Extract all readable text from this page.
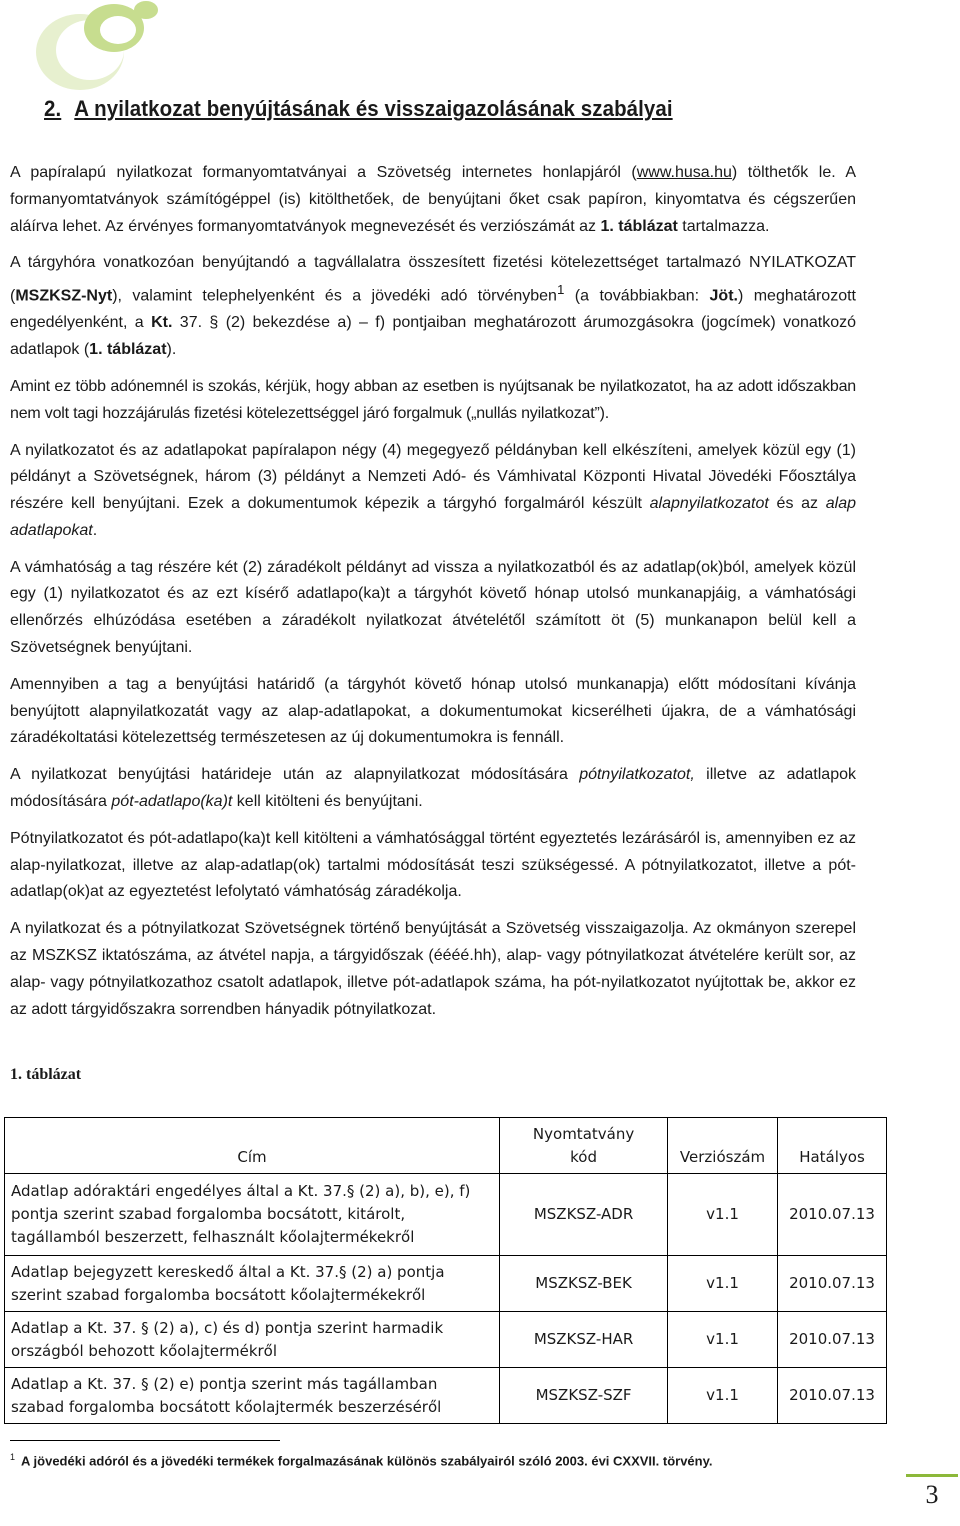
2. A nyilatkozat benyújtásának és visszaigazolásának szabályai

A papíralapú nyilatkozat formanyomtatványai a Szövetség internetes honlapjáról (www.husa.hu) tölthetők le. A formanyomtatványok számítógéppel (is) kitölthetőek, de benyújtani őket csak papíron, kinyomtatva és cégszerűen aláírva lehet. Az érvényes formanyomtatványok megnevezését és verziószámát az 1. táblázat tartalmazza.

A tárgyhóra vonatkozóan benyújtandó a tagvállalatra összesített fizetési kötelezettséget tartalmazó NYILATKOZAT (MSZKSZ-Nyt), valamint telephelyenként és a jövedéki adó törvényben$^1$ (a továbbiakban: Jöt.) meghatározott engedélyenként, a Kt. 37. § (2) bekezdése a) – f) pontjaiban meghatározott árumozgásokra (jogcímek) vonatkozó adatlapok (1. táblázat).

Amint ez több adónemnél is szokás, kérjük, hogy abban az esetben is nyújtsanak be nyilatkozatot, ha az adott időszakban nem volt tagi hozzájárulás fizetési kötelezettséggel járó forgalmuk („nullás nyilatkozat”).

A nyilatkozatot és az adatlapokat papíralapon négy (4) megegyező példányban kell elkészíteni, amelyek közül egy (1) példányt a Szövetségnek, három (3) példányt a Nemzeti Adó- és Vámhivatal Központi Hivatal Jövedéki Főosztálya részére kell benyújtani. Ezek a dokumentumok képezik a tárgyhó forgalmáról készült alapnyilatkozatot és az alap adatlapokat.

A vámhatóság a tag részére két (2) záradékolt példányt ad vissza a nyilatkozatból és az adatlap(ok)ból, amelyek közül egy (1) nyilatkozatot és az ezt kísérő adatlapo(ka)t a tárgyhót követő hónap utolsó munkanapjáig, a vámhatósági ellenőrzés elhúzódása esetében a záradékolt nyilatkozat átvételétől számított öt (5) munkanapon belül kell a Szövetségnek benyújtani.

Amennyiben a tag a benyújtási határidő (a tárgyhót követő hónap utolsó munkanapja) előtt módosítani kívánja benyújtott alapnyilatkozatát vagy az alap-adatlapokat, a dokumentumokat kicserélheti újakra, de a vámhatósági záradékoltatási kötelezettség természetesen az új dokumentumokra is fennáll.

A nyilatkozat benyújtási határideje után az alapnyilatkozat módosítására pótnyilatkozatot, illetve az adatlapok módosítására pót-adatlapo(ka)t kell kitölteni és benyújtani.

Pótnyilatkozatot és pót-adatlapo(ka)t kell kitölteni a vámhatósággal történt egyeztetés lezárásáról is, amennyiben ez az alap-nyilatkozat, illetve az alap-adatlap(ok) tartalmi módosítását teszi szükségessé. A pótnyilatkozatot, illetve a pót-adatlap(ok)at az egyeztetést lefolytató vámhatóság záradékolja.

A nyilatkozat és a pótnyilatkozat Szövetségnek történő benyújtását a Szövetség visszaigazolja. Az okmányon szerepel az MSZKSZ iktatószáma, az átvétel napja, a tárgyidőszak (éééé.hh), alap- vagy pótnyilatkozat átvételére került sor, az alap- vagy pótnyilatkozathoz csatolt adatlapok, illetve pót-adatlapok száma, ha pót-nyilatkozatot nyújtottak be, akkor ez az adott tárgyidőszakra sorrendben hányadik pótnyilatkozat.

1. táblázat
Cím	Nyomtatvány kód	Verziószám	Hatályos
Adatlap adóraktári engedélyes által a Kt. 37.§ (2) a), b), e), f) pontja szerint szabad forgalomba bocsátott, kitárolt, tagállamból beszerzett, felhasznált kőolajtermékekről	MSZKSZ-ADR	v1.1	2010.07.13
Adatlap bejegyzett kereskedő által a Kt. 37.§ (2) a) pontja szerint szabad forgalomba bocsátott kőolajtermékekről	MSZKSZ-BEK	v1.1	2010.07.13
Adatlap a Kt. 37. § (2) a), c) és d) pontja szerint harmadik országból behozott kőolajtermékről	MSZKSZ-HAR	v1.1	2010.07.13
Adatlap a Kt. 37. § (2) e) pontja szerint más tagállamban szabad forgalomba bocsátott kőolajtermék beszerzéséről	MSZKSZ-SZF	v1.1	2010.07.13
$^1$ A jövedéki adóról és a jövedéki termékek forgalmazásának különös szabályairól szóló 2003. évi CXXVII. törvény.
3
